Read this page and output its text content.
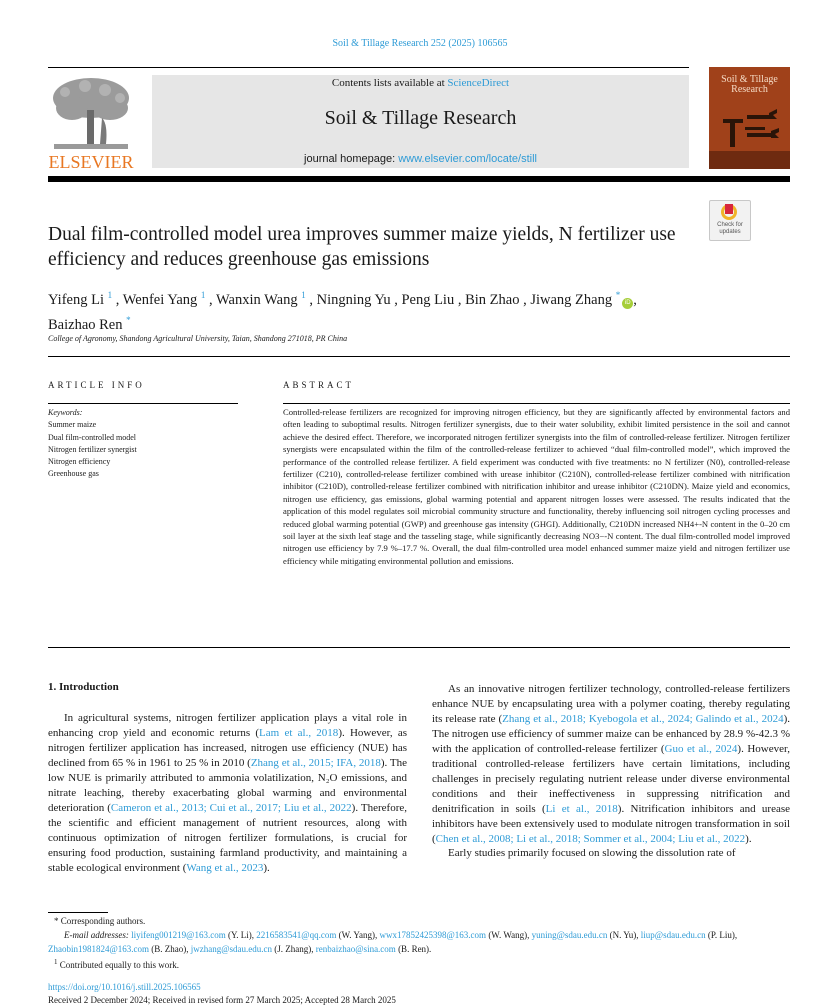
Soil & Tillage Research 252 (2025) 106565
ELSEVIER
Contents lists available at ScienceDirect
Soil & Tillage Research
journal homepage: www.elsevier.com/locate/still
Soil & Tillage
Research
Check for
updates
Dual film-controlled model urea improves summer maize yields, N fertilizer use efficiency and reduces greenhouse gas emissions
Yifeng Li $^1$ , Wenfei Yang $^1$ , Wanxin Wang $^1$ , Ningning Yu , Peng Liu , Bin Zhao , Jiwang Zhang *iD ,
Baizhao Ren *
College of Agronomy, Shandong Agricultural University, Taian, Shandong 271018, PR China
ARTICLE INFO	ABSTRACT
Keywords:
Summer maize
Dual film-controlled model
Nitrogen fertilizer synergist
Nitrogen efficiency
Greenhouse gas
Controlled-release fertilizers are recognized for improving nitrogen efficiency, but they are significantly affected by environmental factors and often leading to suboptimal results. Nitrogen fertilizer synergists, due to their water solubility, exhibit limited persistence in the soil and cannot achieve the desired effect. Therefore, we incorporated nitrogen fertilizer synergists into the film of controlled-release fertilizer. Nitrogen fertilizer synergists were encapsulated within the film of the controlled-release fertilizer to achieved “dual film-controlled model”, which improved the performance of the controlled release fertilizer. A field experiment was conducted with five treatments: no N fertilizer (N0), controlled-release fertilizer (C210), controlled-release fertilizer combined with urease inhibitor (C210N), controlled-release fertilizer combined with nitrification inhibitor (C210D), controlled-release fertilizer combined with nitrification inhibitor and urease inhibitor (C210DN). Maize yield and economics, nitrogen use efficiency, gas emissions, global warming potential and apparent nitrogen losses were assessed. The results indicated that the application of this model regulates soil microbial community structure and functionality, thereby influencing soil nitrogen cycling processes and reduced global warming potential (GWP) and greenhouse gas intensity (GHGI). Additionally, C210DN increased NH4+-N content in the 0–20 cm soil layer at the sixth leaf stage and the tasseling stage, while significantly decreasing NO3−-N content. The dual film-controlled model improved nitrogen use efficiency by 7.9 %–17.7 %. Overall, the dual film-controlled urea model enhanced summer maize yield and nitrogen fertilizer use efficiency while mitigating environmental pollution and emissions.
1. Introduction

In agricultural systems, nitrogen fertilizer application plays a vital role in enhancing crop yield and economic returns (Lam et al., 2018). However, as nitrogen fertilizer application has increased, nitrogen use efficiency (NUE) has declined from 65 % in 1961 to 25 % in 2010 (Zhang et al., 2015; IFA, 2018). The low NUE is primarily attributed to ammonia volatilization, N₂O emissions, and nitrate leaching, thereby exacerbating global warming and environmental deterioration (Cameron et al., 2013; Cui et al., 2017; Liu et al., 2022). Therefore, the scientific and efficient management of nutrient resources, along with continuous optimization of nitrogen fertilizer formulations, is crucial for ensuring food production, sustaining farmland productivity, and maintaining a stable ecological environment (Wang et al., 2023).

As an innovative nitrogen fertilizer technology, controlled-release fertilizers enhance NUE by encapsulating urea with a polymer coating, thereby regulating its release rate (Zhang et al., 2018; Kyebogola et al., 2024; Galindo et al., 2024). The nitrogen use efficiency of summer maize can be enhanced by 28.9 %-42.3 % with the application of controlled-release fertilizer (Guo et al., 2024). However, traditional controlled-release fertilizers have certain limitations, including challenges in precisely regulating nutrient release under diverse environmental conditions and their ineffectiveness in suppressing nitrification and denitrification in soils (Li et al., 2018). Nitrification inhibitors and urease inhibitors have been extensively used to modulate nitrogen transformation in soil (Chen et al., 2008; Li et al., 2018; Sommer et al., 2004; Liu et al., 2022).

Early studies primarily focused on slowing the dissolution rate of

* Corresponding authors.
E-mail addresses: liyifeng001219@163.com (Y. Li), 2216583541@qq.com (W. Yang), wwx17852425398@163.com (W. Wang), yuning@sdau.edu.cn (N. Yu), liup@sdau.edu.cn (P. Liu), Zhaobin1981824@163.com (B. Zhao), jwzhang@sdau.edu.cn (J. Zhang), renbaizhao@sina.com (B. Ren).
$^1$ Contributed equally to this work.
https://doi.org/10.1016/j.still.2025.106565
Received 2 December 2024; Received in revised form 27 March 2025; Accepted 28 March 2025
